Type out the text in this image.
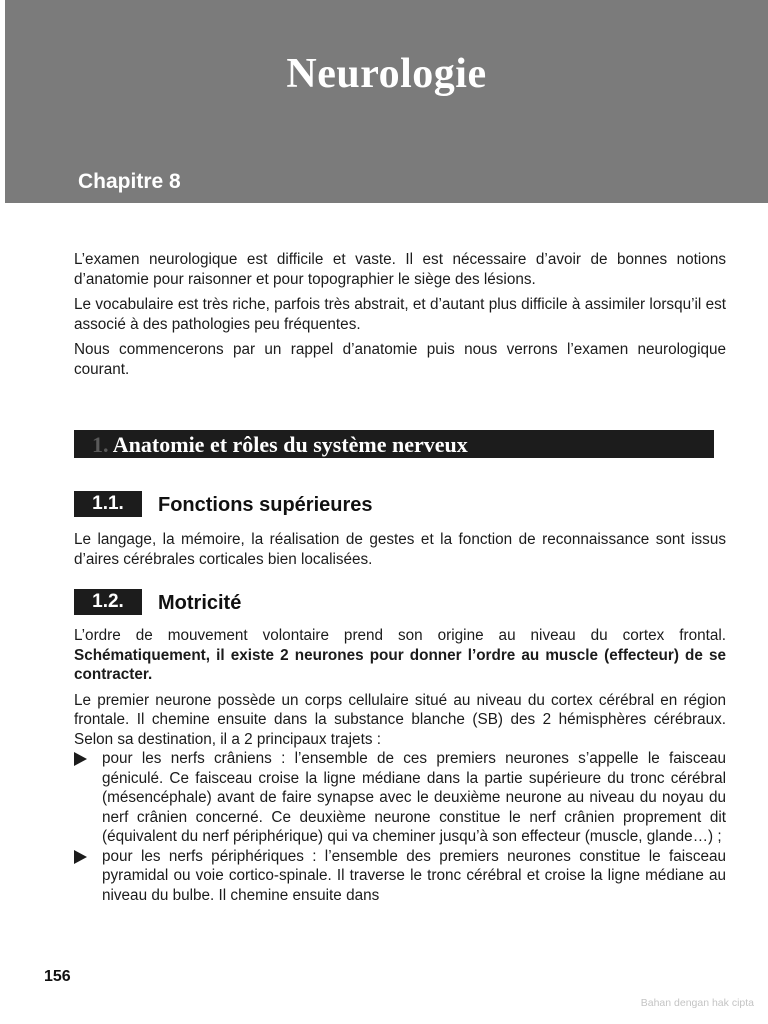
Neurologie
Chapitre 8

L’examen neurologique est difficile et vaste. Il est nécessaire d’avoir de bonnes notions d’anatomie pour raisonner et pour topographier le siège des lésions.

Le vocabulaire est très riche, parfois très abstrait, et d’autant plus difficile à assimiler lorsqu’il est associé à des pathologies peu fréquentes.

Nous commencerons par un rappel d’anatomie puis nous verrons l’examen neurologique courant.

1. Anatomie et rôles du système nerveux
1.1.	Fonctions supérieures

Le langage, la mémoire, la réalisation de gestes et la fonction de reconnaissance sont issus d’aires cérébrales corticales bien localisées.

1.2.	Motricité

L’ordre de mouvement volontaire prend son origine au niveau du cortex frontal. Schématiquement, il existe 2 neurones pour donner l’ordre au muscle (effecteur) de se contracter.

Le premier neurone possède un corps cellulaire situé au niveau du cortex cérébral en région frontale. Il chemine ensuite dans la substance blanche (SB) des 2 hémisphères cérébraux. Selon sa destination, il a 2 principaux trajets :

pour les nerfs crâniens : l’ensemble de ces premiers neurones s’appelle le faisceau géniculé. Ce faisceau croise la ligne médiane dans la partie supérieure du tronc cérébral (mésencéphale) avant de faire synapse avec le deuxième neurone au niveau du noyau du nerf crânien concerné. Ce deuxième neurone constitue le nerf crânien proprement dit (équivalent du nerf périphérique) qui va cheminer jusqu’à son effecteur (muscle, glande…) ;

pour les nerfs périphériques : l’ensemble des premiers neurones constitue le faisceau pyramidal ou voie cortico-spinale. Il traverse le tronc cérébral et croise la ligne médiane au niveau du bulbe. Il chemine ensuite dans

156
Bahan dengan hak cipta
